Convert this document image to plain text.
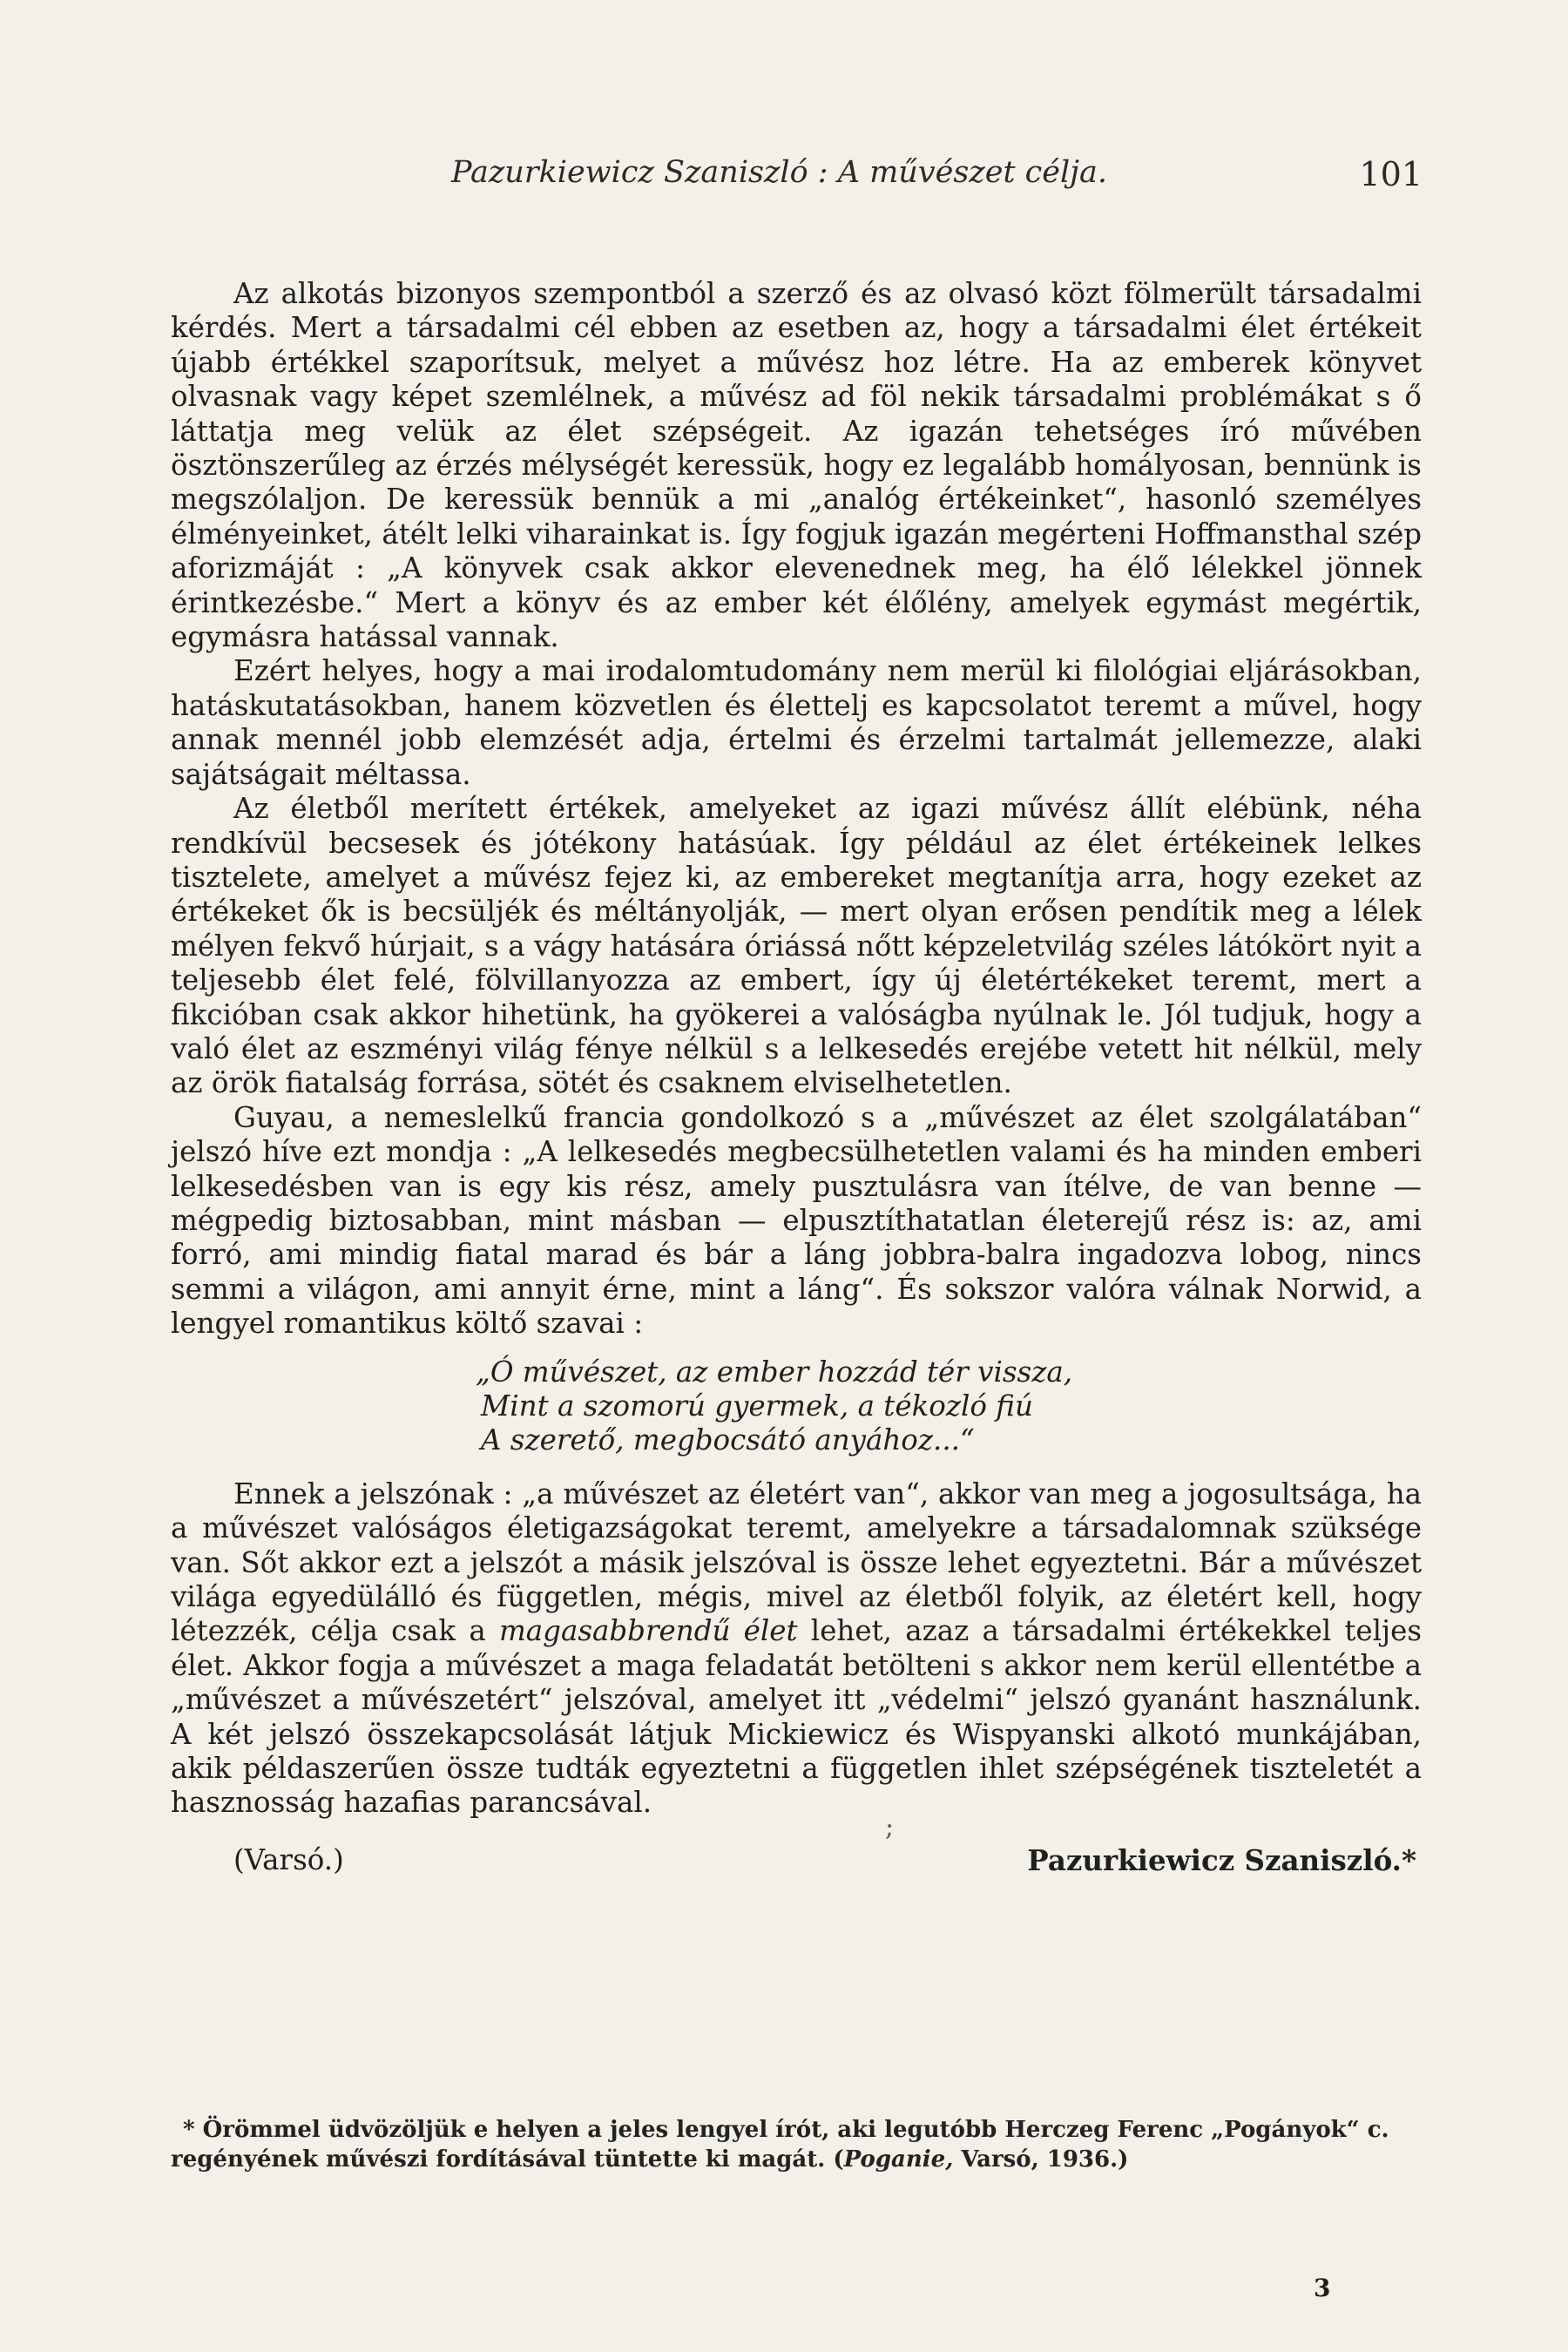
Pazurkiewicz Szaniszló : A művészet célja.	101

Az alkotás bizonyos szempontból a szerző és az olvasó közt fölmerült társadalmi kérdés. Mert a társadalmi cél ebben az esetben az, hogy a társadalmi élet értékeit újabb értékkel szaporítsuk, melyet a művész hoz létre. Ha az emberek könyvet olvasnak vagy képet szemlélnek, a művész ad föl nekik társadalmi problémákat s ő láttatja meg velük az élet szépségeit. Az igazán tehetséges író művében ösztönszerűleg az érzés mélységét keressük, hogy ez legalább homályosan, bennünk is megszólaljon. De keressük bennük a mi „analóg értékeinket“, hasonló személyes élményeinket, átélt lelki viharainkat is. Így fogjuk igazán megérteni Hoffmansthal szép aforizmáját : „A könyvek csak akkor elevenednek meg, ha élő lélekkel jönnek érintkezésbe.“ Mert a könyv és az ember két élőlény, amelyek egymást megértik, egymásra hatással vannak.

Ezért helyes, hogy a mai irodalomtudomány nem merül ki filológiai eljárásokban, hatáskutatásokban, hanem közvetlen és élettelj es kapcsolatot teremt a művel, hogy annak mennél jobb elemzését adja, értelmi és érzelmi tartalmát jellemezze, alaki sajátságait méltassa.

Az életből merített értékek, amelyeket az igazi művész állít elébünk, néha rendkívül becsesek és jótékony hatásúak. Így például az élet értékeinek lelkes tisztelete, amelyet a művész fejez ki, az embereket megtanítja arra, hogy ezeket az értékeket ők is becsüljék és méltányolják, — mert olyan erősen pendítik meg a lélek mélyen fekvő húrjait, s a vágy hatására óriássá nőtt képzeletvilág széles látókört nyit a teljesebb élet felé, fölvillanyozza az embert, így új életértékeket teremt, mert a fikcióban csak akkor hihetünk, ha gyökerei a valóságba nyúlnak le. Jól tudjuk, hogy a való élet az eszményi világ fénye nélkül s a lelkesedés erejébe vetett hit nélkül, mely az örök fiatalság forrása, sötét és csaknem elviselhetetlen.

Guyau, a nemeslelkű francia gondolkozó s a „művészet az élet szolgálatában“ jelszó híve ezt mondja : „A lelkesedés megbecsülhetetlen valami és ha minden emberi lelkesedésben van is egy kis rész, amely pusztulásra van ítélve, de van benne — mégpedig biztosabban, mint másban — elpusztíthatatlan életerejű rész is: az, ami forró, ami mindig fiatal marad és bár a láng jobbra-balra ingadozva lobog, nincs semmi a világon, ami annyit érne, mint a láng“. És sokszor valóra válnak Norwid, a lengyel romantikus költő szavai :

„Ó művészet, az ember hozzád tér vissza,
Mint a szomorú gyermek, a tékozló fiú
A szerető, megbocsátó anyához...“

Ennek a jelszónak : „a művészet az életért van“, akkor van meg a jogosultsága, ha a művészet valóságos életigazságokat teremt, amelyekre a társadalomnak szüksége van. Sőt akkor ezt a jelszót a másik jelszóval is össze lehet egyeztetni. Bár a művészet világa egyedülálló és független, mégis, mivel az életből folyik, az életért kell, hogy létezzék, célja csak a magasabbrendű élet lehet, azaz a társadalmi értékekkel teljes élet. Akkor fogja a művészet a maga feladatát betölteni s akkor nem kerül ellentétbe a „művészet a művészetért“ jelszóval, amelyet itt „védelmi“ jelszó gyanánt használunk. A két jelszó összekapcsolását látjuk Mickiewicz és Wispyanski alkotó munkájában, akik példaszerűen össze tudták egyeztetni a független ihlet szépségének tiszteletét a hasznosság hazafias parancsával.

(Varsó.)	Pazurkiewicz Szaniszló.*
;

* Örömmel üdvözöljük e helyen a jeles lengyel írót, aki legutóbb Herczeg Ferenc „Pogányok“ c. regényének művészi fordításával tüntette ki magát. (Poganie, Varsó, 1936.)

3
